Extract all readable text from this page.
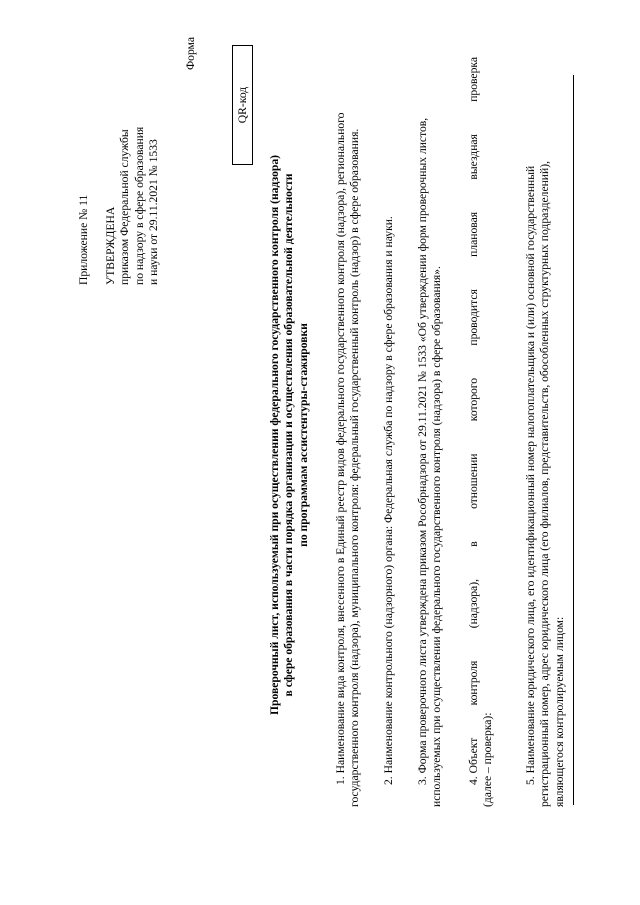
Приложение № 11 УТВЕРЖДЕНА приказом Федеральной службы по надзору в сфере образования и науки от 29.11.2021 № 1533
Форма
QR-код
Проверочный лист, используемый при осуществлении федерального государственного контроля (надзора) в сфере образования в части порядка организации и осуществления образовательной деятельности по программам ассистентуры-стажировки 1. Наименование вида контроля, внесенного в Единый реестр видов федерального государственного контроля (надзора), регионального государственного контроля (надзора), муниципального контроля: федеральный государственный контроль (надзор) в сфере образования. 2. Наименование контрольного (надзорного) органа: Федеральная служба по надзору в сфере образования и науки. 3. Форма проверочного листа утверждена приказом Рособрнадзора от 29.11.2021 № 1533 «Об утверждении форм проверочных листов, используемых при осуществлении федерального государственного контроля (надзора) в сфере образования». 4. Объект
контроля
(надзора),
в
отношении
которого
проводится
плановая
выездная
проверка
(далее – проверка):	5. Наименование юридического лица, его идентификационный номер налогоплательщика и (или) основной государственный регистрационный номер, адрес юридического лица (его филиалов, представительств, обособленных структурных подразделений), являющегося контролируемым лицом:
